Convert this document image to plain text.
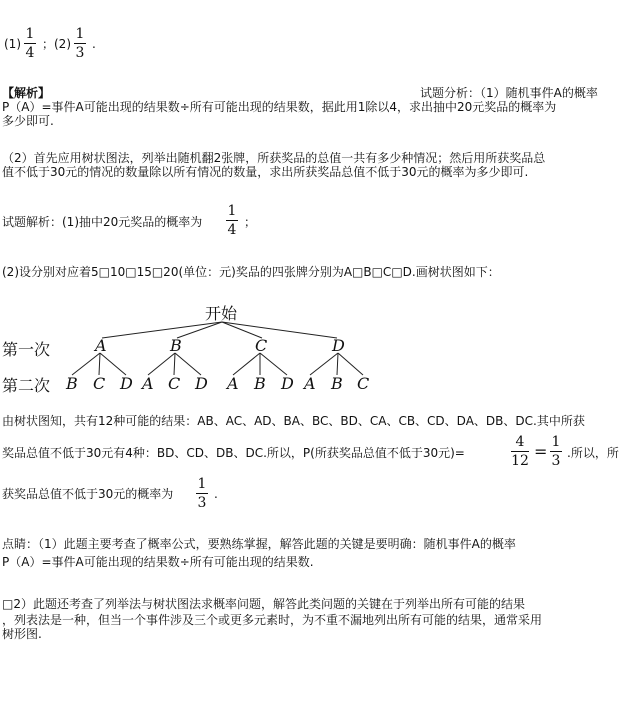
(1)
1
4
；(2)
1
3
.
【解析】	试题分析：（1）随机事件A的概率
P（A）=事件A可能出现的结果数÷所有可能出现的结果数，据此用1除以4，求出抽中20元奖品的概率为
多少即可.
（2）首先应用树状图法，列举出随机翻2张牌，所获奖品的总值一共有多少种情况；然后用所获奖品总
值不低于30元的情况的数量除以所有情况的数量，求出所获奖品总值不低于30元的概率为多少即可.
试题解析：(1)抽中20元奖品的概率为
1
4 ；
(2)设分别对应着5□10□15□20(单位：元)奖品的四张牌分别为A□B□C□D.画树状图如下：
开始
第一次
第二次
A	B	C	D
B C D A C D A B D A B C
由树状图知，共有12种可能的结果：AB、AC、AD、BA、BC、BD、CA、CB、CD、DA、DB、DC.其中所获
奖品总值不低于30元有4种：BD、CD、DB、DC.所以，P(所获奖品总值不低于30元)=
4
12 = 1
3 .所以，所
获奖品总值不低于30元的概率为
1
3
.
点睛：（1）此题主要考查了概率公式，要熟练掌握，解答此题的关键是要明确：随机事件A的概率
P（A）=事件A可能出现的结果数÷所有可能出现的结果数.
□2）此题还考查了列举法与树状图法求概率问题，解答此类问题的关键在于列举出所有可能的结果
，列表法是一种，但当一个事件涉及三个或更多元素时，为不重不漏地列出所有可能的结果，通常采用
树形图.
